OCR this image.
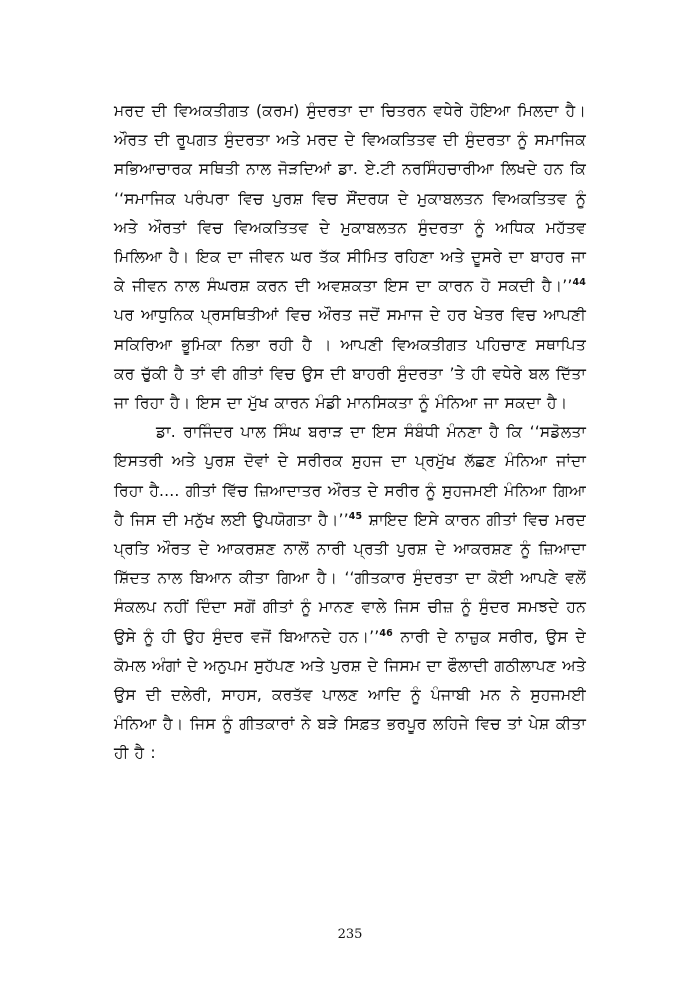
ਮਰਦ ਦੀ ਵਿਅਕਤੀਗਤ (ਕਰਮ) ਸੁੰਦਰਤਾ ਦਾ ਚਿਤਰਨ ਵਧੇਰੇ ਹੋਇਆ ਮਿਲਦਾ ਹੈ। ਔਰਤ ਦੀ ਰੂਪਗਤ ਸੁੰਦਰਤਾ ਅਤੇ ਮਰਦ ਦੇ ਵਿਅਕਤਿਤਵ ਦੀ ਸੁੰਦਰਤਾ ਨੂੰ ਸਮਾਜਿਕ ਸਭਿਆਚਾਰਕ ਸਥਿਤੀ ਨਾਲ ਜੋੜਦਿਆਂ ਡਾ. ਏ.ਟੀ ਨਰਸਿੰਹਚਾਰੀਆ ਲਿਖਦੇ ਹਨ ਕਿ ‘‘ਸਮਾਜਿਕ ਪਰੰਪਰਾ ਵਿਚ ਪੁਰਸ਼ ਵਿਚ ਸੌਂਦਰਯ ਦੇ ਮੁਕਾਬਲਤਨ ਵਿਅਕਤਿਤਵ ਨੂੰ ਅਤੇ ਔਰਤਾਂ ਵਿਚ ਵਿਅਕਤਿਤਵ ਦੇ ਮੁਕਾਬਲਤਨ ਸੁੰਦਰਤਾ ਨੂੰ ਅਧਿਕ ਮਹੱਤਵ ਮਿਲਿਆ ਹੈ। ਇਕ ਦਾ ਜੀਵਨ ਘਰ ਤੱਕ ਸੀਮਿਤ ਰਹਿਣਾ ਅਤੇ ਦੂਸਰੇ ਦਾ ਬਾਹਰ ਜਾ ਕੇ ਜੀਵਨ ਨਾਲ ਸੰਘਰਸ਼ ਕਰਨ ਦੀ ਅਵਸ਼ਕਤਾ ਇਸ ਦਾ ਕਾਰਨ ਹੋ ਸਕਦੀ ਹੈ।’’$^{44}$ ਪਰ ਆਧੁਨਿਕ ਪ੍ਰਸਥਿਤੀਆਂ ਵਿਚ ਔਰਤ ਜਦੋਂ ਸਮਾਜ ਦੇ ਹਰ ਖੇਤਰ ਵਿਚ ਆਪਣੀ ਸਕਿਰਿਆ ਭੂਮਿਕਾ ਨਿਭਾ ਰਹੀ ਹੈ । ਆਪਣੀ ਵਿਅਕਤੀਗਤ ਪਹਿਚਾਣ ਸਥਾਪਿਤ ਕਰ ਚੁੱਕੀ ਹੈ ਤਾਂ ਵੀ ਗੀਤਾਂ ਵਿਚ ਉਸ ਦੀ ਬਾਹਰੀ ਸੁੰਦਰਤਾ ’ਤੇ ਹੀ ਵਧੇਰੇ ਬਲ ਦਿੱਤਾ ਜਾ ਰਿਹਾ ਹੈ। ਇਸ ਦਾ ਮੁੱਖ ਕਾਰਨ ਮੰਡੀ ਮਾਨਸਿਕਤਾ ਨੂੰ ਮੰਨਿਆ ਜਾ ਸਕਦਾ ਹੈ।

ਡਾ. ਰਾਜਿੰਦਰ ਪਾਲ ਸਿੰਘ ਬਰਾੜ ਦਾ ਇਸ ਸੰਬੰਧੀ ਮੰਨਣਾ ਹੈ ਕਿ ‘‘ਸਡੋਲਤਾ ਇਸਤਰੀ ਅਤੇ ਪੁਰਸ਼ ਦੋਵਾਂ ਦੇ ਸਰੀਰਕ ਸੁਹਜ ਦਾ ਪ੍ਰਮੁੱਖ ਲੱਛਣ ਮੰਨਿਆ ਜਾਂਦਾ ਰਿਹਾ ਹੈ.... ਗੀਤਾਂ ਵਿੱਚ ਜ਼ਿਆਦਾਤਰ ਔਰਤ ਦੇ ਸਰੀਰ ਨੂੰ ਸੁਹਜਮਈ ਮੰਨਿਆ ਗਿਆ ਹੈ ਜਿਸ ਦੀ ਮਨੁੱਖ ਲਈ ਉਪਯੋਗਤਾ ਹੈ।’’$^{45}$ ਸ਼ਾਇਦ ਇਸੇ ਕਾਰਨ ਗੀਤਾਂ ਵਿਚ ਮਰਦ ਪ੍ਰਤਿ ਔਰਤ ਦੇ ਆਕਰਸ਼ਣ ਨਾਲੋਂ ਨਾਰੀ ਪ੍ਰਤੀ ਪੁਰਸ਼ ਦੇ ਆਕਰਸ਼ਣ ਨੂੰ ਜ਼ਿਆਦਾ ਸ਼ਿੱਦਤ ਨਾਲ ਬਿਆਨ ਕੀਤਾ ਗਿਆ ਹੈ। ‘‘ਗੀਤਕਾਰ ਸੁੰਦਰਤਾ ਦਾ ਕੋਈ ਆਪਣੇ ਵਲੋਂ ਸੰਕਲਪ ਨਹੀਂ ਦਿੰਦਾ ਸਗੋਂ ਗੀਤਾਂ ਨੂੰ ਮਾਨਣ ਵਾਲੇ ਜਿਸ ਚੀਜ਼ ਨੂੰ ਸੁੰਦਰ ਸਮਝਦੇ ਹਨ ਉਸੇ ਨੂੰ ਹੀ ਉਹ ਸੁੰਦਰ ਵਜੋਂ ਬਿਆਨਦੇ ਹਨ।’’$^{46}$ ਨਾਰੀ ਦੇ ਨਾਜ਼ੁਕ ਸਰੀਰ, ਉਸ ਦੇ ਕੋਮਲ ਅੰਗਾਂ ਦੇ ਅਨੁਪਮ ਸੁਹੱਪਣ ਅਤੇ ਪੁਰਸ਼ ਦੇ ਜਿਸਮ ਦਾ ਫੌਲਾਦੀ ਗਠੀਲਾਪਣ ਅਤੇ ਉਸ ਦੀ ਦਲੇਰੀ, ਸਾਹਸ, ਕਰਤੱਵ ਪਾਲਣ ਆਦਿ ਨੂੰ ਪੰਜਾਬੀ ਮਨ ਨੇ ਸੁਹਜਮਈ ਮੰਨਿਆ ਹੈ। ਜਿਸ ਨੂੰ ਗੀਤਕਾਰਾਂ ਨੇ ਬੜੇ ਸਿਫ਼ਤ ਭਰਪੂਰ ਲਹਿਜੇ ਵਿਚ ਤਾਂ ਪੇਸ਼ ਕੀਤਾ ਹੀ ਹੈ :

235
